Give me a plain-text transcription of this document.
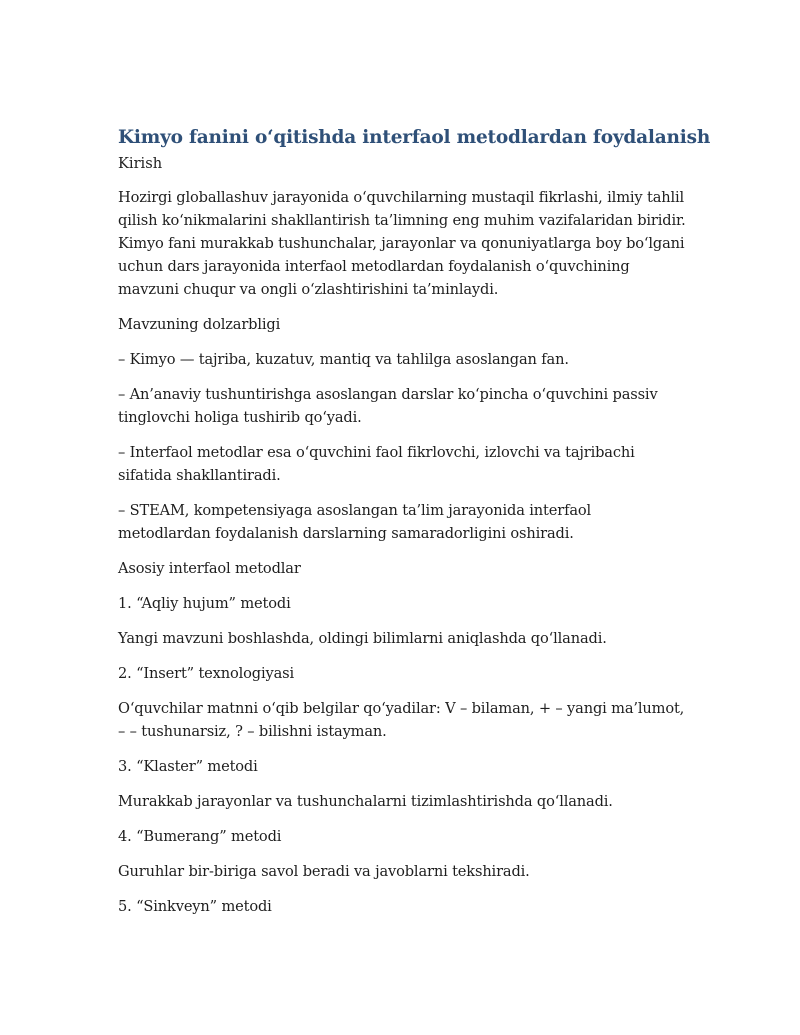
Kimyo fanini o‘qitishda interfaol metodlardan foydalanish
Kirish

Hozirgi globallashuv jarayonida o‘quvchilarning mustaqil fikrlashi, ilmiy tahlil qilish ko‘nikmalarini shakllantirish ta’limning eng muhim vazifalaridan biridir. Kimyo fani murakkab tushunchalar, jarayonlar va qonuniyatlarga boy bo‘lgani uchun dars jarayonida interfaol metodlardan foydalanish o‘quvchining mavzuni chuqur va ongli o‘zlashtirishini ta’minlaydi.

Mavzuning dolzarbligi

– Kimyo — tajriba, kuzatuv, mantiq va tahlilga asoslangan fan.

– An’anaviy tushuntirishga asoslangan darslar ko‘pincha o‘quvchini passiv tinglovchi holiga tushirib qo‘yadi.

– Interfaol metodlar esa o‘quvchini faol fikrlovchi, izlovchi va tajribachi sifatida shakllantiradi.

– STEAM, kompetensiyaga asoslangan ta’lim jarayonida interfaol metodlardan foydalanish darslarning samaradorligini oshiradi.

Asosiy interfaol metodlar

1. “Aqliy hujum” metodi

Yangi mavzuni boshlashda, oldingi bilimlarni aniqlashda qo‘llanadi.

2. “Insert” texnologiyasi

O‘quvchilar matnni o‘qib belgilar qo‘yadilar: V – bilaman, + – yangi ma’lumot, – – tushunarsiz, ? – bilishni istayman.

3. “Klaster” metodi

Murakkab jarayonlar va tushunchalarni tizimlashtirishda qo‘llanadi.

4. “Bumerang” metodi

Guruhlar bir-biriga savol beradi va javoblarni tekshiradi.

5. “Sinkveyn” metodi
